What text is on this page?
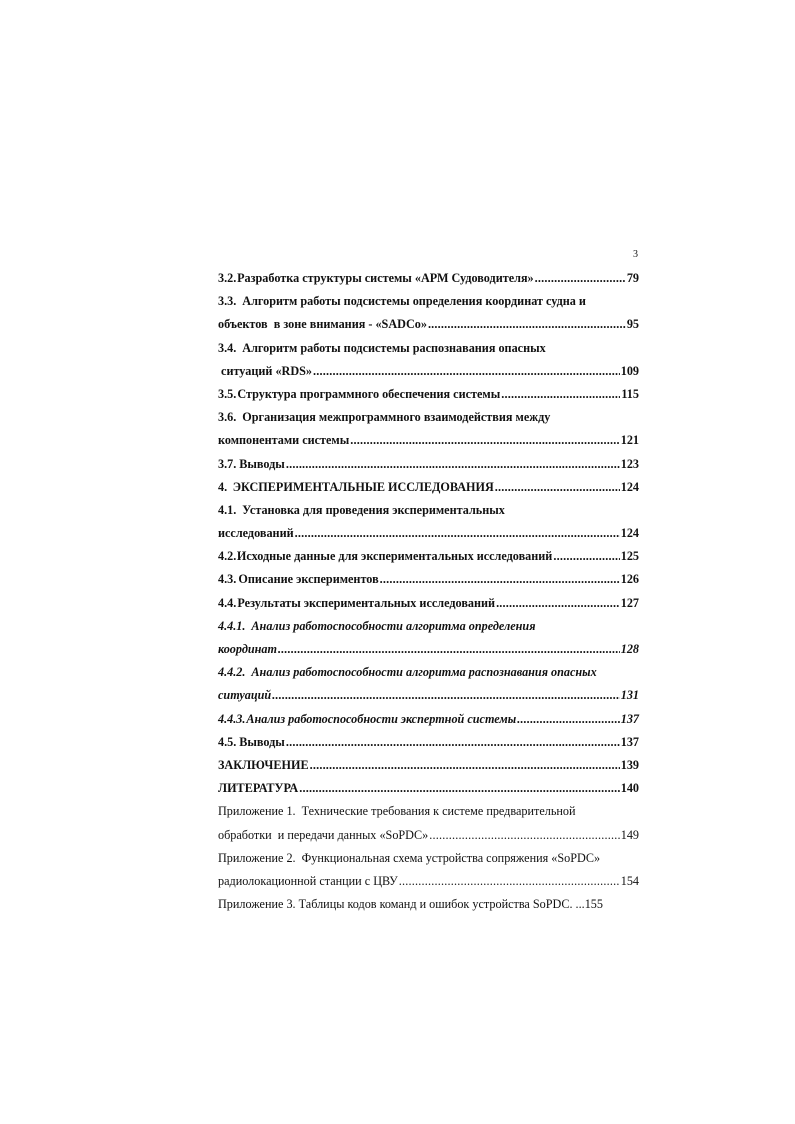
3
3.2. Разработка структуры системы «АРМ Судоводителя» .....	79
3.3. Алгоритм работы подсистемы определения координат судна и
объектов  в зоне внимания - «SADCo» .....	95
3.4. Алгоритм работы подсистемы распознавания опасных
ситуаций «RDS» .....	109
3.5. Структура программного обеспечения системы .....	115
3.6. Организация межпрограммного взаимодействия между
компонентами системы .....	121
3.7. Выводы .....	123
4. ЭКСПЕРИМЕНТАЛЬНЫЕ ИССЛЕДОВАНИЯ .....	124
4.1. Установка для проведения экспериментальных
исследований .....	124
4.2. Исходные данные для экспериментальных исследований .....	125
4.3. Описание экспериментов .....	126
4.4. Результаты экспериментальных исследований .....	127
4.4.1. Анализ работоспособности алгоритма определения
координат .....	128
4.4.2. Анализ работоспособности алгоритма распознавания опасных
ситуаций .....	131
4.4.3. Анализ работоспособности экспертной системы .....	137
4.5. Выводы .....	137
ЗАКЛЮЧЕНИЕ .....	139
ЛИТЕРАТУРА .....	140
Приложение 1. Технические требования к системе предварительной
обработки  и передачи данных «SoPDC» .....	149
Приложение 2. Функциональная схема устройства сопряжения «SoPDC»
радиолокационной станции с ЦВУ .....	154
Приложение 3. Таблицы кодов команд и ошибок устройства SoPDC. ... 155
